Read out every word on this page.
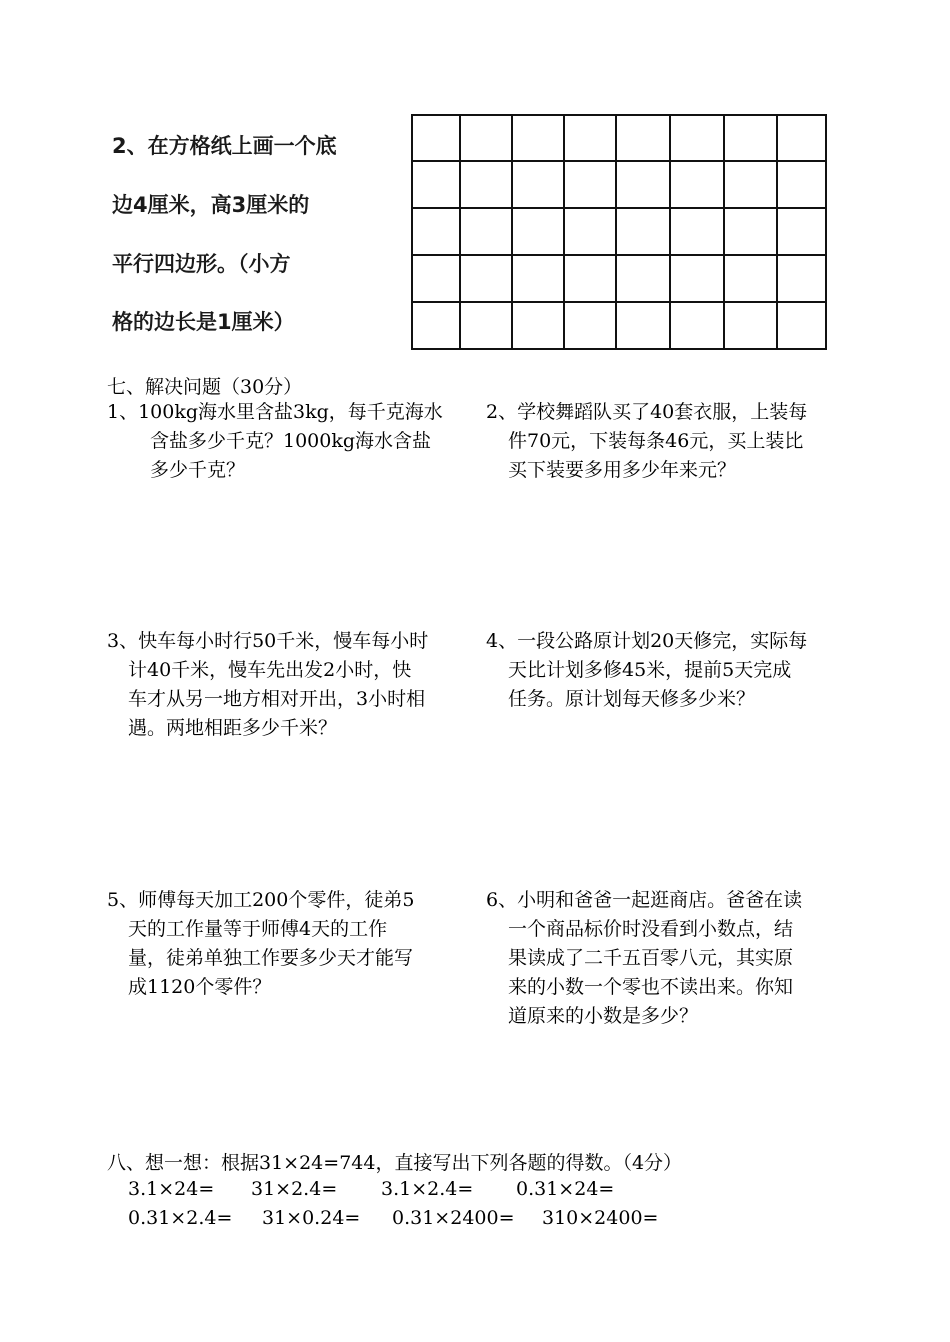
2、在方格纸上画一个底
边4厘米，高3厘米的
平行四边形。（小方
格的边长是1厘米）
七、解决问题（30分）
1、100kg海水里含盐3kg，每千克海水
含盐多少千克？1000kg海水含盐
多少千克？
2、学校舞蹈队买了40套衣服，上装每
件70元，下装每条46元，买上装比
买下装要多用多少年来元？
3、快车每小时行50千米，慢车每小时
计40千米，慢车先出发2小时，快
车才从另一地方相对开出，3小时相
遇。两地相距多少千米？
4、一段公路原计划20天修完，实际每
天比计划多修45米，提前5天完成
任务。原计划每天修多少米？
5、师傅每天加工200个零件，徒弟5
天的工作量等于师傅4天的工作
量，徒弟单独工作要多少天才能写
成1120个零件？
6、小明和爸爸一起逛商店。爸爸在读
一个商品标价时没看到小数点，结
果读成了二千五百零八元，其实原
来的小数一个零也不读出来。你知
道原来的小数是多少？
八、想一想：根据31×24=744，直接写出下列各题的得数。（4分）
3.1×24= 31×2.4= 3.1×2.4= 0.31×24=
0.31×2.4= 31×0.24= 0.31×2400= 310×2400=
